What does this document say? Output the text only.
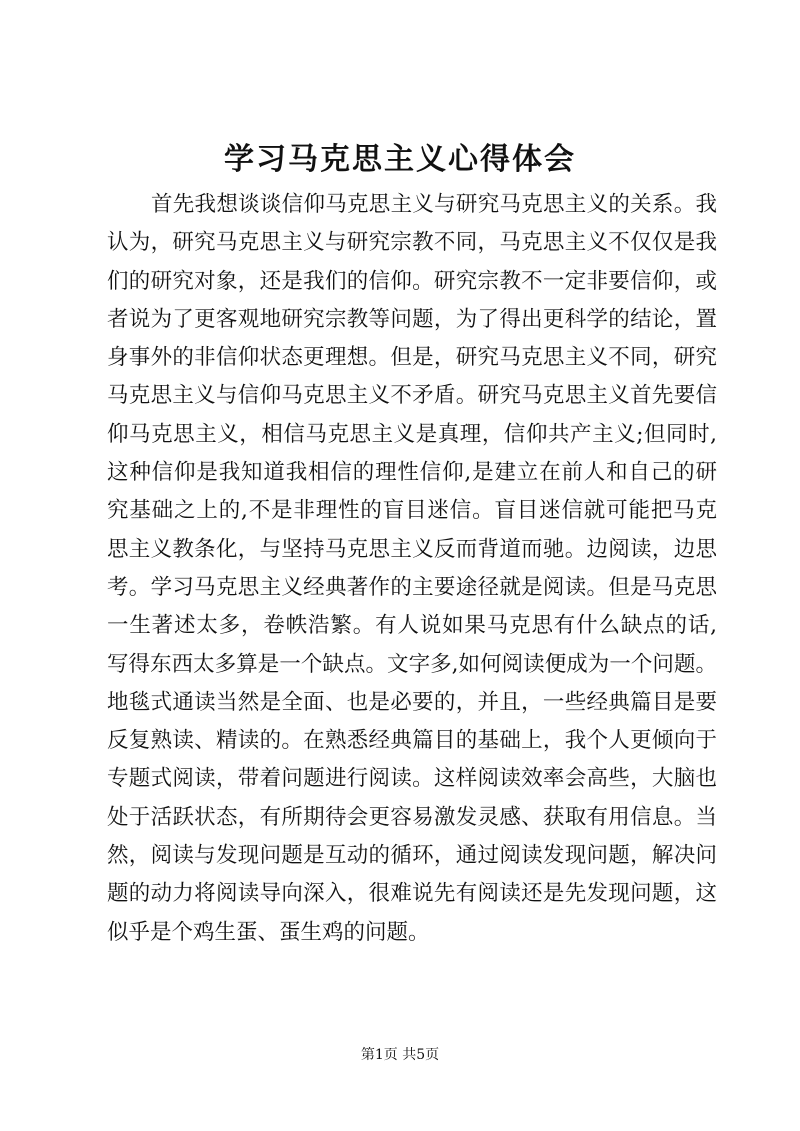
学习马克思主义心得体会

首先我想谈谈信仰马克思主义与研究马克思主义的关系。我

认为，研究马克思主义与研究宗教不同，马克思主义不仅仅是我

们的研究对象，还是我们的信仰。研究宗教不一定非要信仰，或

者说为了更客观地研究宗教等问题，为了得出更科学的结论，置

身事外的非信仰状态更理想。但是，研究马克思主义不同，研究

马克思主义与信仰马克思主义不矛盾。研究马克思主义首先要信

仰马克思主义，相信马克思主义是真理，信仰共产主义;但同时,

这种信仰是我知道我相信的理性信仰,是建立在前人和自己的研

究基础之上的,不是非理性的盲目迷信。盲目迷信就可能把马克

思主义教条化，与坚持马克思主义反而背道而驰。边阅读，边思

考。学习马克思主义经典著作的主要途径就是阅读。但是马克思

一生著述太多，卷帙浩繁。有人说如果马克思有什么缺点的话,

写得东西太多算是一个缺点。文字多,如何阅读便成为一个问题。

地毯式通读当然是全面、也是必要的，并且，一些经典篇目是要

反复熟读、精读的。在熟悉经典篇目的基础上，我个人更倾向于

专题式阅读，带着问题进行阅读。这样阅读效率会高些，大脑也

处于活跃状态，有所期待会更容易激发灵感、获取有用信息。当

然，阅读与发现问题是互动的循环，通过阅读发现问题，解决问

题的动力将阅读导向深入，很难说先有阅读还是先发现问题，这

似乎是个鸡生蛋、蛋生鸡的问题。

第1页 共5页
